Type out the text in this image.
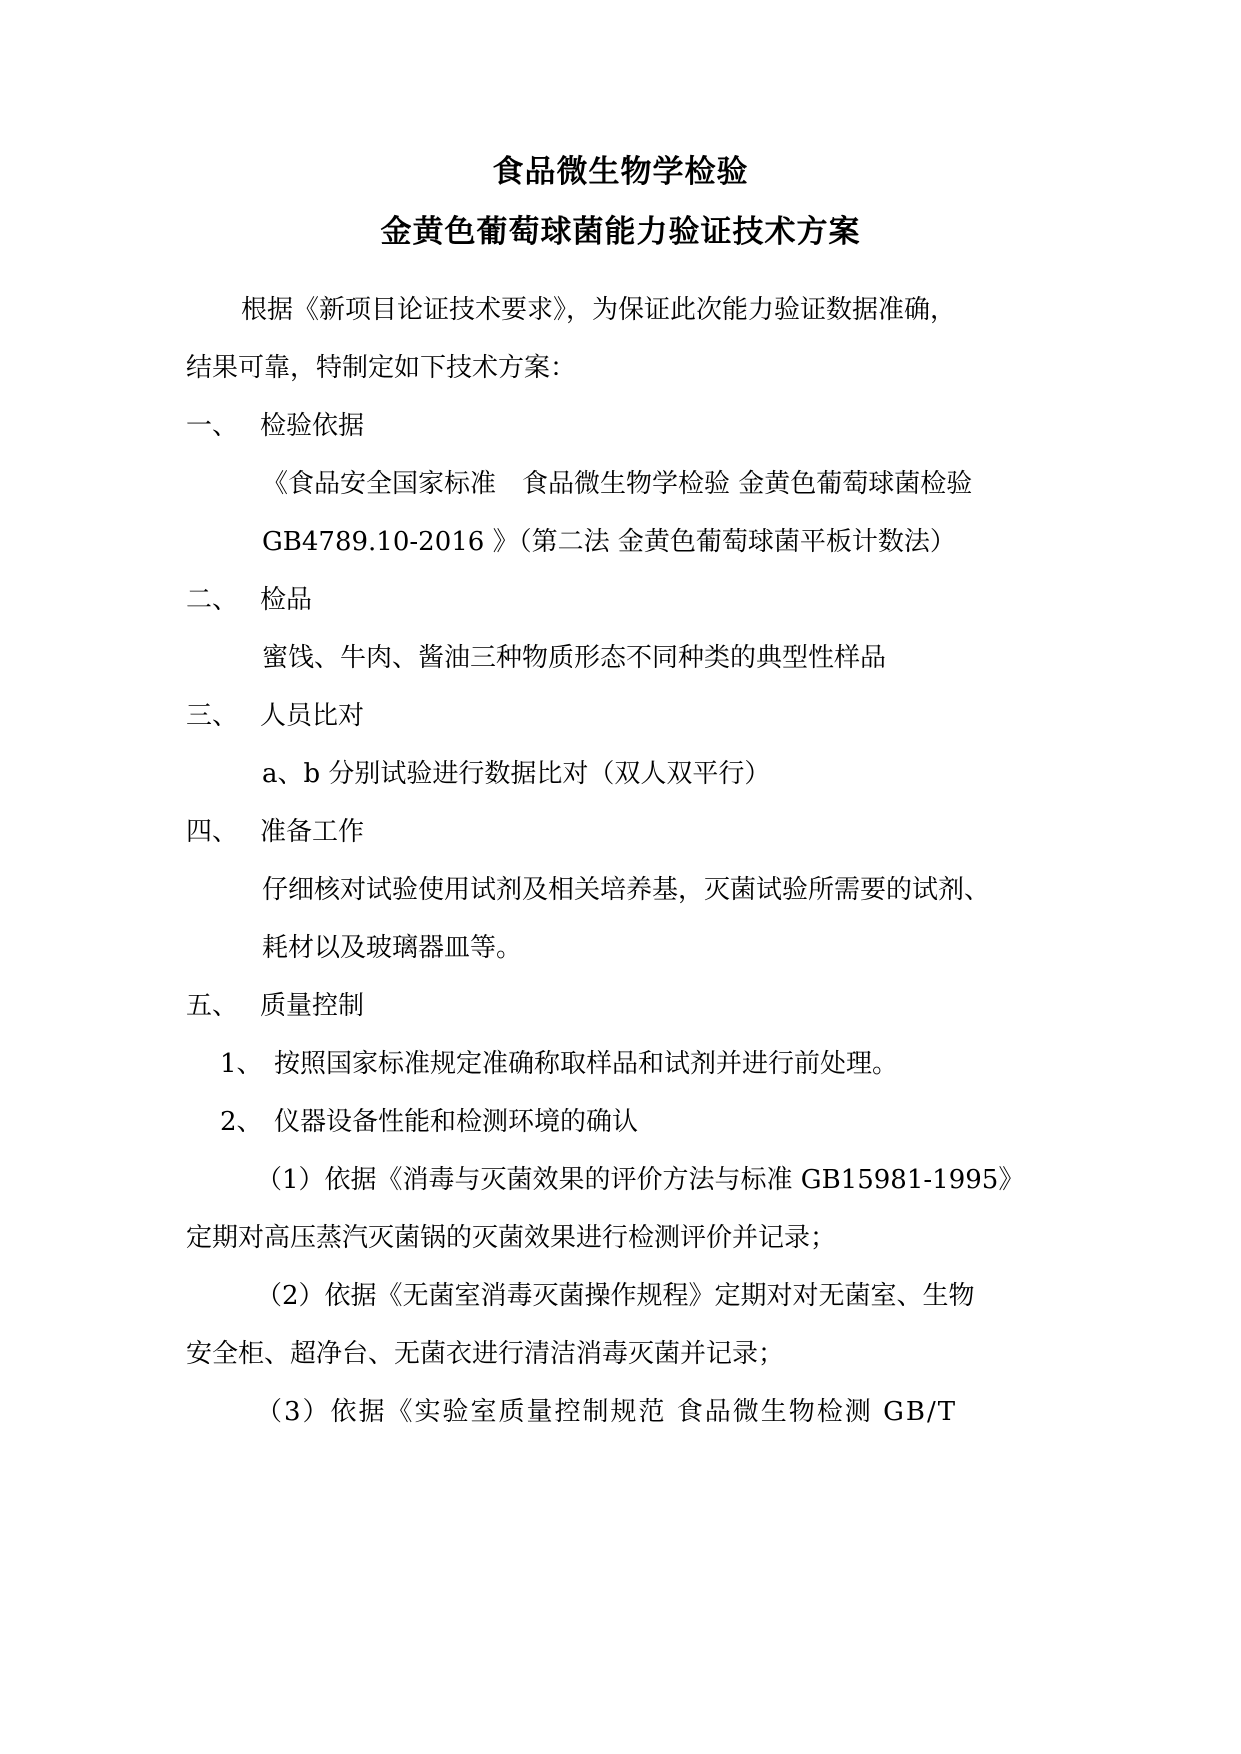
食品微生物学检验
金黄色葡萄球菌能力验证技术方案
根据《新项目论证技术要求》，为保证此次能力验证数据准确，
结果可靠，特制定如下技术方案：
一、 检验依据
《食品安全国家标准　食品微生物学检验 金黄色葡萄球菌检验
GB4789.10-2016 》（第二法 金黄色葡萄球菌平板计数法）
二、 检品
蜜饯、牛肉、酱油三种物质形态不同种类的典型性样品
三、 人员比对
a、b 分别试验进行数据比对（双人双平行）
四、 准备工作
仔细核对试验使用试剂及相关培养基，灭菌试验所需要的试剂、
耗材以及玻璃器皿等。
五、 质量控制
1、 按照国家标准规定准确称取样品和试剂并进行前处理。
2、 仪器设备性能和检测环境的确认
（1）依据《消毒与灭菌效果的评价方法与标准 GB15981-1995》
定期对高压蒸汽灭菌锅的灭菌效果进行检测评价并记录；
（2）依据《无菌室消毒灭菌操作规程》定期对对无菌室、生物
安全柜、超净台、无菌衣进行清洁消毒灭菌并记录；
（3）依据《实验室质量控制规范 食品微生物检测 GB/T
